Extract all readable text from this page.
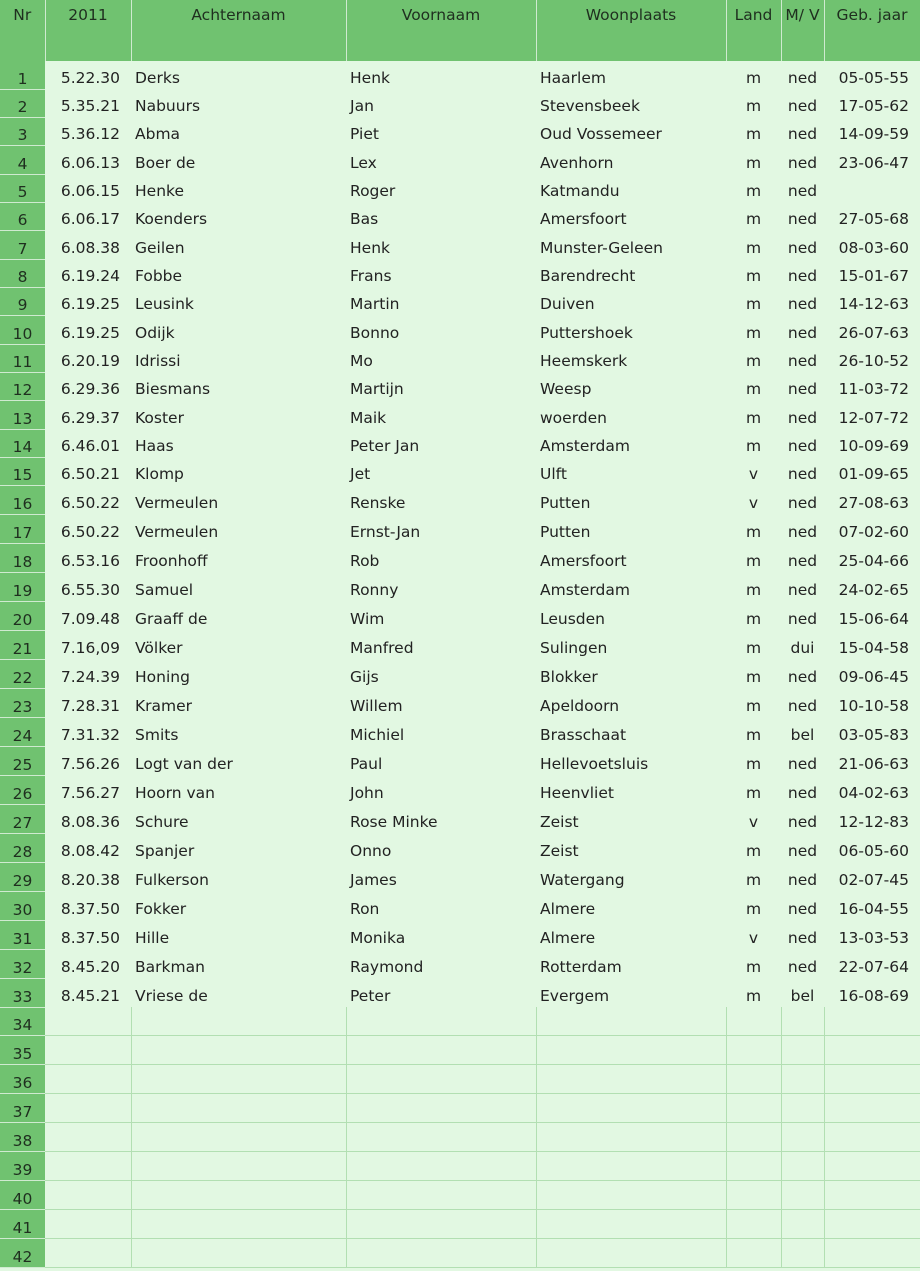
Nr	2011	Achternaam	Voornaam	Woonplaats	Land	M/ V	Geb. jaar
1	5.22.30	Derks	Henk	Haarlem	m	ned	05-05-55
2	5.35.21	Nabuurs	Jan	Stevensbeek	m	ned	17-05-62
3	5.36.12	Abma	Piet	Oud Vossemeer	m	ned	14-09-59
4	6.06.13	Boer de	Lex	Avenhorn	m	ned	23-06-47
5	6.06.15	Henke	Roger	Katmandu	m	ned	
6	6.06.17	Koenders	Bas	Amersfoort	m	ned	27-05-68
7	6.08.38	Geilen	Henk	Munster-Geleen	m	ned	08-03-60
8	6.19.24	Fobbe	Frans	Barendrecht	m	ned	15-01-67
9	6.19.25	Leusink	Martin	Duiven	m	ned	14-12-63
10	6.19.25	Odijk	Bonno	Puttershoek	m	ned	26-07-63
11	6.20.19	Idrissi	Mo	Heemskerk	m	ned	26-10-52
12	6.29.36	Biesmans	Martijn	Weesp	m	ned	11-03-72
13	6.29.37	Koster	Maik	woerden	m	ned	12-07-72
14	6.46.01	Haas	Peter Jan	Amsterdam	m	ned	10-09-69
15	6.50.21	Klomp	Jet	Ulft	v	ned	01-09-65
16	6.50.22	Vermeulen	Renske	Putten	v	ned	27-08-63
17	6.50.22	Vermeulen	Ernst-Jan	Putten	m	ned	07-02-60
18	6.53.16	Froonhoff	Rob	Amersfoort	m	ned	25-04-66
19	6.55.30	Samuel	Ronny	Amsterdam	m	ned	24-02-65
20	7.09.48	Graaff de	Wim	Leusden	m	ned	15-06-64
21	7.16,09	Völker	Manfred	Sulingen	m	dui	15-04-58
22	7.24.39	Honing	Gijs	Blokker	m	ned	09-06-45
23	7.28.31	Kramer	Willem	Apeldoorn	m	ned	10-10-58
24	7.31.32	Smits	Michiel	Brasschaat	m	bel	03-05-83
25	7.56.26	Logt van der	Paul	Hellevoetsluis	m	ned	21-06-63
26	7.56.27	Hoorn van	John	Heenvliet	m	ned	04-02-63
27	8.08.36	Schure	Rose Minke	Zeist	v	ned	12-12-83
28	8.08.42	Spanjer	Onno	Zeist	m	ned	06-05-60
29	8.20.38	Fulkerson	James	Watergang	m	ned	02-07-45
30	8.37.50	Fokker	Ron	Almere	m	ned	16-04-55
31	8.37.50	Hille	Monika	Almere	v	ned	13-03-53
32	8.45.20	Barkman	Raymond	Rotterdam	m	ned	22-07-64
33	8.45.21	Vriese de	Peter	Evergem	m	bel	16-08-69
34							
35							
36							
37							
38							
39							
40							
41							
42							
